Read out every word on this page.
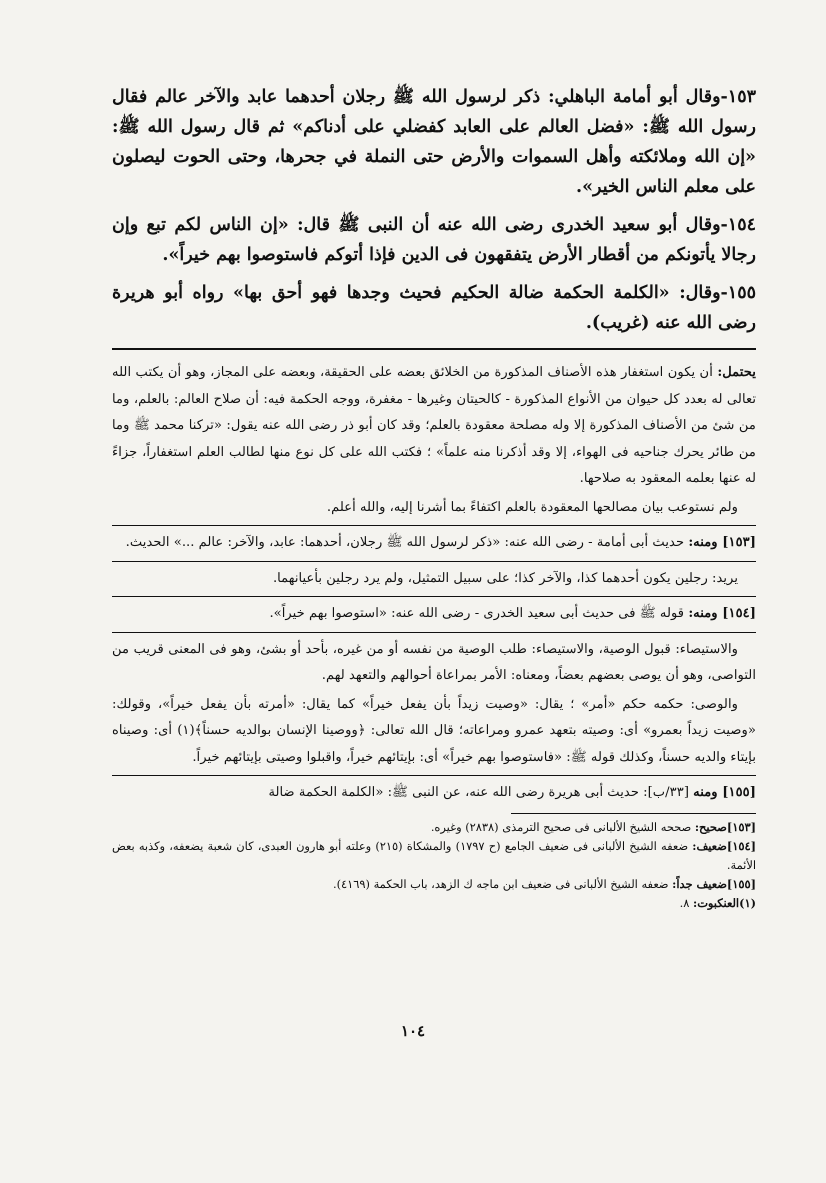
١٥٣-وقال أبو أمامة الباهلي: ذكر لرسول الله ﷺ رجلان أحدهما عابد والآخر عالم فقال رسول الله ﷺ: «فضل العالم على العابد كفضلي على أدناكم» ثم قال رسول الله ﷺ: «إن الله وملائكته وأهل السموات والأرض حتى النملة في جحرها، وحتى الحوت ليصلون على معلم الناس الخير».

١٥٤-وقال أبو سعيد الخدرى رضى الله عنه أن النبى ﷺ قال: «إن الناس لكم تبع وإن رجالا يأتونكم من أقطار الأرض يتفقهون فى الدين فإذا أتوكم فاستوصوا بهم خيراً».

١٥٥-وقال: «الكلمة الحكمة ضالة الحكيم فحيث وجدها فهو أحق بها» رواه أبو هريرة رضى الله عنه (غريب).

يحتمل: أن يكون استغفار هذه الأصناف المذكورة من الخلائق بعضه على الحقيقة، وبعضه على المجاز، وهو أن يكتب الله تعالى له بعدد كل حيوان من الأنواع المذكورة - كالحيتان وغيرها - مغفرة، ووجه الحكمة فيه: أن صلاح العالم: بالعلم، وما من شئ من الأصناف المذكورة إلا وله مصلحة معقودة بالعلم؛ وقد كان أبو ذر رضى الله عنه يقول: «تركنا محمد ﷺ وما من طائر يحرك جناحيه فى الهواء، إلا وقد أذكرنا منه علماً» ؛ فكتب الله على كل نوع منها لطالب العلم استغفاراً، جزاءً له عنها بعلمه المعقود به صلاحها.

ولم نستوعب بيان مصالحها المعقودة بالعلم اكتفاءً بما أشرنا إليه، والله أعلم.

[١٥٣] ومنه: حديث أبى أمامة - رضى الله عنه: «ذكر لرسول الله ﷺ رجلان، أحدهما: عابد، والآخر: عالم ...» الحديث.

يريد: رجلين يكون أحدهما كذا، والآخر كذا؛ على سبيل التمثيل، ولم يرد رجلين بأعيانهما.

[١٥٤] ومنه: قوله ﷺ فى حديث أبى سعيد الخدرى - رضى الله عنه: «استوصوا بهم خيراً».

والاستيصاء: قبول الوصية، والاستيصاء: طلب الوصية من نفسه أو من غيره، بأحد أو بشئ، وهو فى المعنى قريب من التواصى، وهو أن يوصى بعضهم بعضاً، ومعناه: الأمر بمراعاة أحوالهم والتعهد لهم.

والوصى: حكمه حكم «أمر» ؛ يقال: «وصيت زيداً بأن يفعل خيراً» كما يقال: «أمرته بأن يفعل خيراً»، وقولك: «وصيت زيداً بعمرو» أى: وصيته بتعهد عمرو ومراعاته؛ قال الله تعالى: ﴿ووصينا الإنسان بوالديه حسناً﴾(١) أى: وصيناه بإيتاء والديه حسناً، وكذلك قوله ﷺ: «فاستوصوا بهم خيراً» أى: بإيتائهم خيراً، واقبلوا وصيتى بإيتائهم خيراً.

[١٥٥] ومنه [٣٣/ب]: حديث أبى هريرة رضى الله عنه، عن النبى ﷺ: «الكلمة الحكمة ضالة

[١٥٣]صحيح: صححه الشيخ الألبانى فى صحيح الترمذى (٢٨٣٨) وغيره.

[١٥٤]ضعيف: ضعفه الشيخ الألبانى فى ضعيف الجامع (ح ١٧٩٧) والمشكاة (٢١٥) وعلته أبو هارون العبدى، كان شعبة يضعفه، وكذبه بعض الأئمة.

[١٥٥]ضعيف جداً: ضعفه الشيخ الألبانى فى ضعيف ابن ماجه ك الزهد، باب الحكمة (٤١٦٩).

(١)العنكبوت: ٨.

١٠٤
